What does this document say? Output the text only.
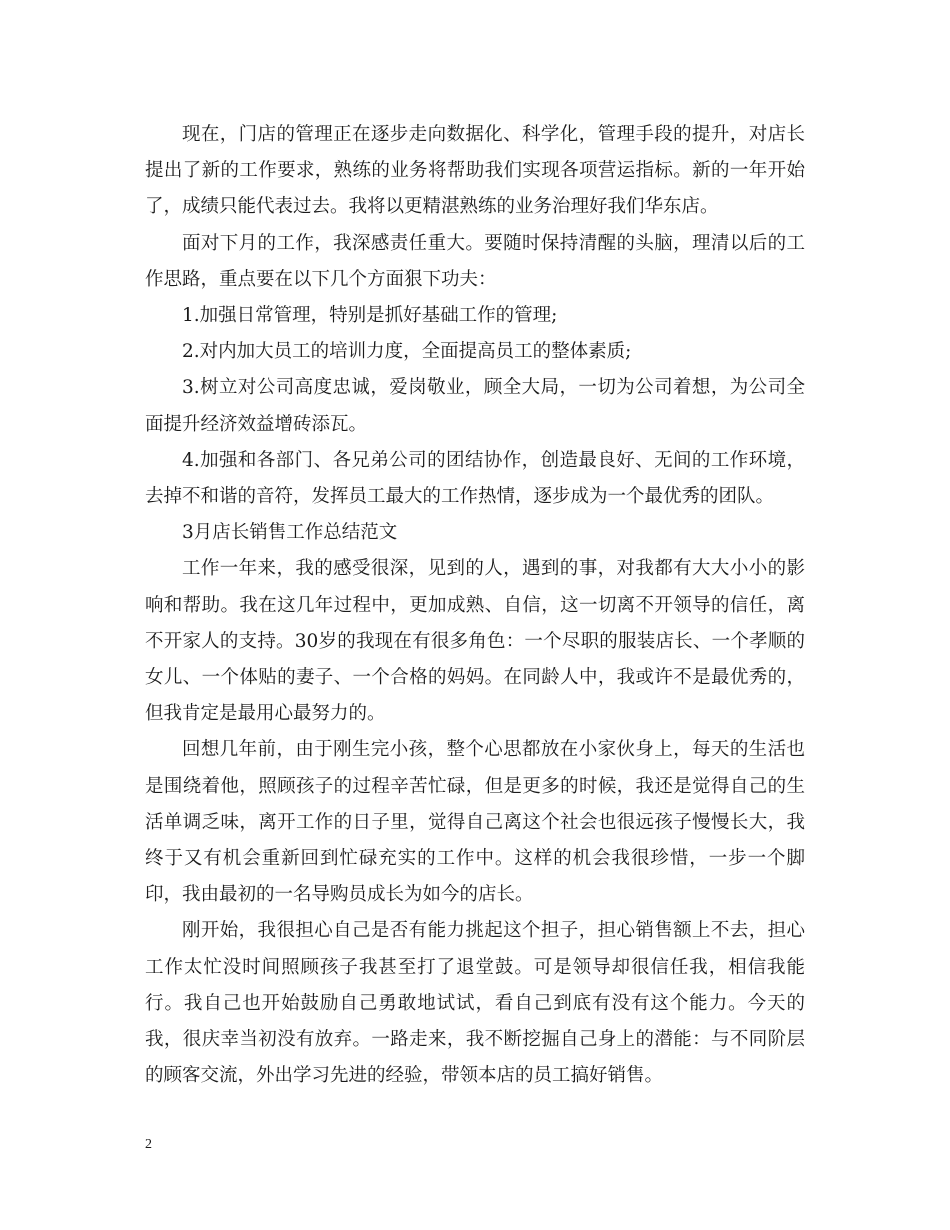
现在，门店的管理正在逐步走向数据化、科学化，管理手段的提升，对店长提出了新的工作要求，熟练的业务将帮助我们实现各项营运指标。新的一年开始了，成绩只能代表过去。我将以更精湛熟练的业务治理好我们华东店。

面对下月的工作，我深感责任重大。要随时保持清醒的头脑，理清以后的工作思路，重点要在以下几个方面狠下功夫：

1.加强日常管理，特别是抓好基础工作的管理;

2.对内加大员工的培训力度，全面提高员工的整体素质;

3.树立对公司高度忠诚，爱岗敬业，顾全大局，一切为公司着想，为公司全面提升经济效益增砖添瓦。

4.加强和各部门、各兄弟公司的团结协作，创造最良好、无间的工作环境，去掉不和谐的音符，发挥员工最大的工作热情，逐步成为一个最优秀的团队。

3月店长销售工作总结范文

工作一年来，我的感受很深，见到的人，遇到的事，对我都有大大小小的影响和帮助。我在这几年过程中，更加成熟、自信，这一切离不开领导的信任，离不开家人的支持。30岁的我现在有很多角色：一个尽职的服装店长、一个孝顺的女儿、一个体贴的妻子、一个合格的妈妈。在同龄人中，我或许不是最优秀的，但我肯定是最用心最努力的。

回想几年前，由于刚生完小孩，整个心思都放在小家伙身上，每天的生活也是围绕着他，照顾孩子的过程辛苦忙碌，但是更多的时候，我还是觉得自己的生活单调乏味，离开工作的日子里，觉得自己离这个社会也很远孩子慢慢长大，我终于又有机会重新回到忙碌充实的工作中。这样的机会我很珍惜，一步一个脚印，我由最初的一名导购员成长为如今的店长。

刚开始，我很担心自己是否有能力挑起这个担子，担心销售额上不去，担心工作太忙没时间照顾孩子我甚至打了退堂鼓。可是领导却很信任我，相信我能行。我自己也开始鼓励自己勇敢地试试，看自己到底有没有这个能力。今天的我，很庆幸当初没有放弃。一路走来，我不断挖掘自己身上的潜能：与不同阶层的顾客交流，外出学习先进的经验，带领本店的员工搞好销售。

2
